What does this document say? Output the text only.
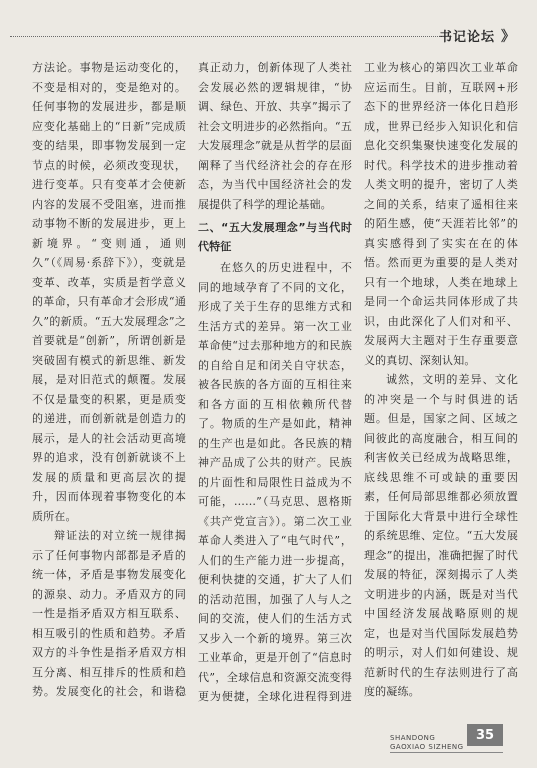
书记论坛 》

方法论。事物是运动变化的，不变是相对的，变是绝对的。任何事物的发展进步，都是顺应变化基础上的“日新”完成质变的结果，即事物发展到一定节点的时候，必须改变现状，进行变革。只有变革才会使新内容的发展不受阻塞，进而推动事物不断的发展进步，更上新境界。“变则通，通则久”（《周易·系辞下》），变就是变革、改革，实质是哲学意义的革命，只有革命才会形成“通久”的新质。“五大发展理念”之首要就是“创新”，所谓创新是突破固有模式的新思维、新发展，是对旧范式的颠覆。发展不仅是量变的积累，更是质变的递进，而创新就是创造力的展示，是人的社会活动更高境界的追求，没有创新就谈不上发展的质量和更高层次的提升，因而体现着事物变化的本质所在。

辩证法的对立统一规律揭示了任何事物内部都是矛盾的统一体，矛盾是事物发展变化的源泉、动力。矛盾双方的同一性是指矛盾双方相互联系、相互吸引的性质和趋势。矛盾双方的斗争性是指矛盾双方相互分离、相互排斥的性质和趋势。发展变化的社会，和谐稳

真正动力，创新体现了人类社会发展必然的逻辑规律，“协调、绿色、开放、共享”揭示了社会文明进步的必然指向。“五大发展理念”就是从哲学的层面阐释了当代经济社会的存在形态，为当代中国经济社会的发展提供了科学的理论基础。

二、“五大发展理念”与当代时代特征

在悠久的历史进程中，不同的地域孕育了不同的文化，形成了关于生存的思维方式和生活方式的差异。第一次工业革命使“过去那种地方的和民族的自给自足和闭关自守状态，被各民族的各方面的互相往来和各方面的互相依赖所代替了。物质的生产是如此，精神的生产也是如此。各民族的精神产品成了公共的财产。民族的片面性和局限性日益成为不可能，……”（马克思、恩格斯《共产党宣言》）。第二次工业革命人类进入了“电气时代”，人们的生产能力进一步提高，便利快捷的交通，扩大了人们的活动范围，加强了人与人之间的交流，使人们的生活方式又步入一个新的境界。第三次工业革命，更是开创了“信息时代”，全球信息和资源交流变得更为便捷，全球化进程得到进

工业为核心的第四次工业革命应运而生。目前，互联网+形态下的世界经济一体化日趋形成，世界已经步入知识化和信息化交织集聚快速变化发展的时代。科学技术的进步推动着人类文明的提升，密切了人类之间的关系，结束了遥相往来的陌生感，使“天涯若比邻”的真实感得到了实实在在的体悟。然而更为重要的是人类对只有一个地球，人类在地球上是同一个命运共同体形成了共识，由此深化了人们对和平、发展两大主题对于生存重要意义的真切、深刻认知。

诚然，文明的差异、文化的冲突是一个与时俱进的话题。但是，国家之间、区域之间彼此的高度融合，相互间的利害攸关已经成为战略思维，底线思维不可或缺的重要因素，任何局部思维都必须放置于国际化大背景中进行全球性的系统思维、定位。“五大发展理念”的提出，准确把握了时代发展的特征，深刻揭示了人类文明进步的内涵，既是对当代中国经济发展战略原则的规定，也是对当代国际发展趋势的明示，对人们如何建设、规范新时代的生存法则进行了高度的凝练。

SHANDONG
GAOXIAO SIZHENG
35
